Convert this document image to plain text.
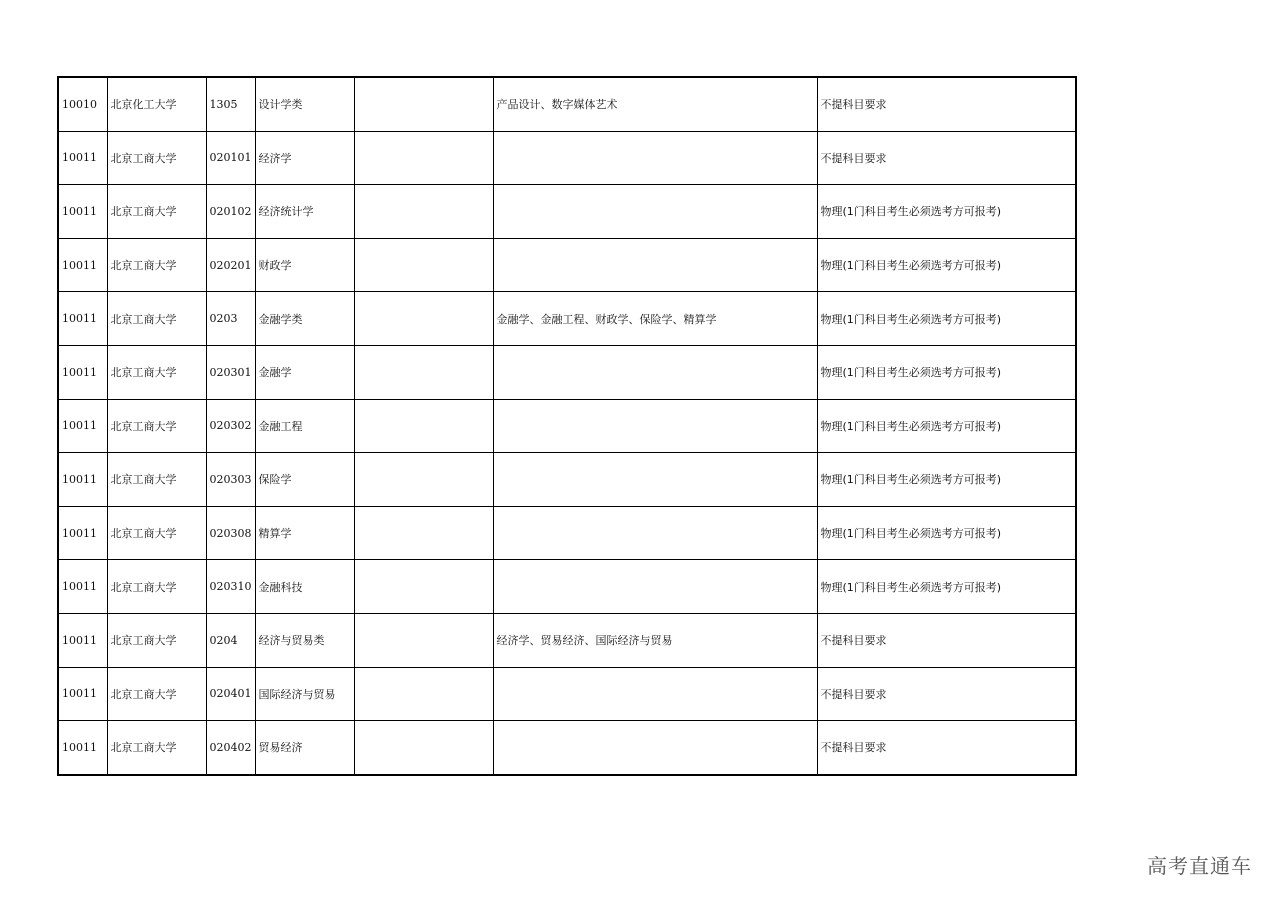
10010	北京化工大学	1305	设计学类		产品设计、数字媒体艺术	不提科目要求
10011	北京工商大学	020101	经济学			不提科目要求
10011	北京工商大学	020102	经济统计学			物理(1门科目考生必须选考方可报考)
10011	北京工商大学	020201	财政学			物理(1门科目考生必须选考方可报考)
10011	北京工商大学	0203	金融学类		金融学、金融工程、财政学、保险学、精算学	物理(1门科目考生必须选考方可报考)
10011	北京工商大学	020301	金融学			物理(1门科目考生必须选考方可报考)
10011	北京工商大学	020302	金融工程			物理(1门科目考生必须选考方可报考)
10011	北京工商大学	020303	保险学			物理(1门科目考生必须选考方可报考)
10011	北京工商大学	020308	精算学			物理(1门科目考生必须选考方可报考)
10011	北京工商大学	020310	金融科技			物理(1门科目考生必须选考方可报考)
10011	北京工商大学	0204	经济与贸易类		经济学、贸易经济、国际经济与贸易	不提科目要求
10011	北京工商大学	020401	国际经济与贸易			不提科目要求
10011	北京工商大学	020402	贸易经济			不提科目要求
高考直通车
